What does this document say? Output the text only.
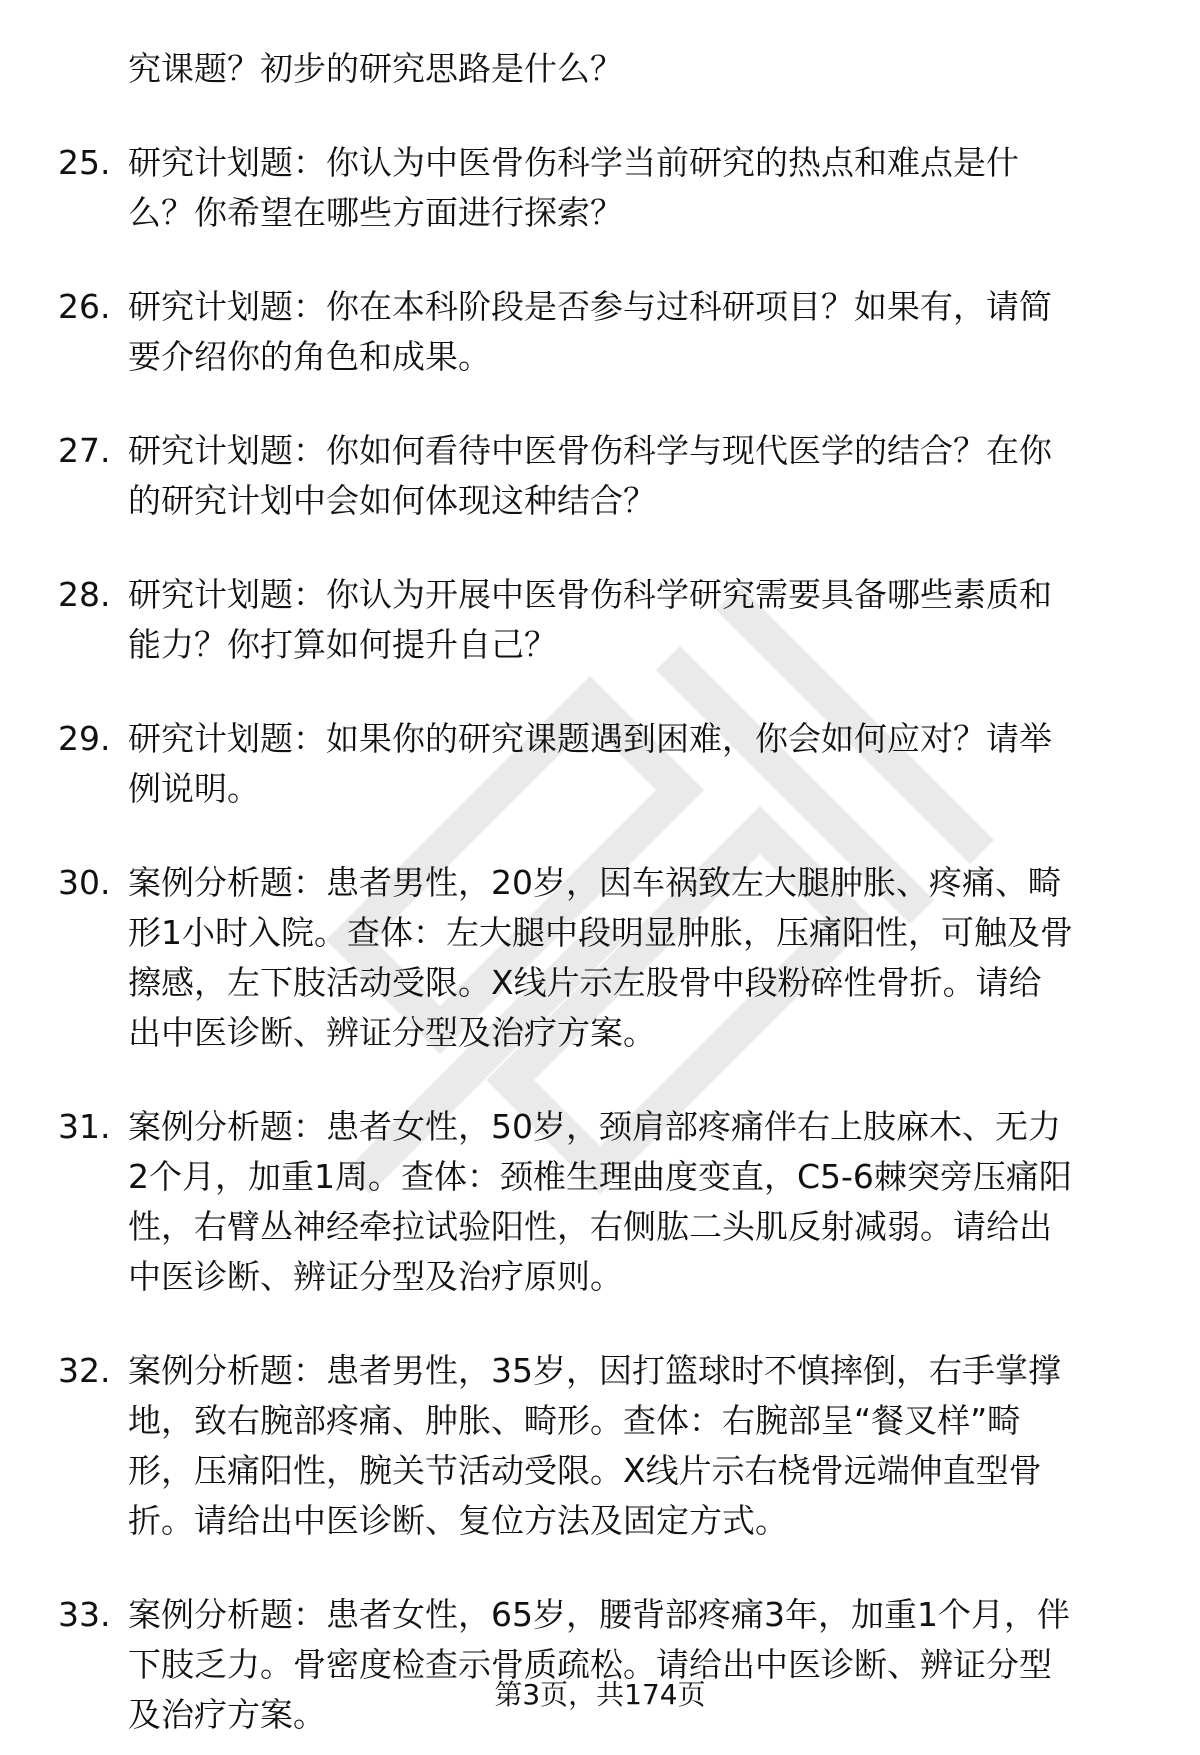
究课题？初步的研究思路是什么？
25. 研究计划题：你认为中医骨伤科学当前研究的热点和难点是什
么？你希望在哪些方面进行探索？
26. 研究计划题：你在本科阶段是否参与过科研项目？如果有，请简
要介绍你的角色和成果。
27. 研究计划题：你如何看待中医骨伤科学与现代医学的结合？在你
的研究计划中会如何体现这种结合？
28. 研究计划题：你认为开展中医骨伤科学研究需要具备哪些素质和
能力？你打算如何提升自己？
29. 研究计划题：如果你的研究课题遇到困难，你会如何应对？请举
例说明。
30. 案例分析题：患者男性，20岁，因车祸致左大腿肿胀、疼痛、畸
形1小时入院。查体：左大腿中段明显肿胀，压痛阳性，可触及骨
擦感，左下肢活动受限。X线片示左股骨中段粉碎性骨折。请给
出中医诊断、辨证分型及治疗方案。
31. 案例分析题：患者女性，50岁，颈肩部疼痛伴右上肢麻木、无力
2个月，加重1周。查体：颈椎生理曲度变直，C5-6棘突旁压痛阳
性，右臂丛神经牵拉试验阳性，右侧肱二头肌反射减弱。请给出
中医诊断、辨证分型及治疗原则。
32. 案例分析题：患者男性，35岁，因打篮球时不慎摔倒，右手掌撑
地，致右腕部疼痛、肿胀、畸形。查体：右腕部呈“餐叉样”畸
形，压痛阳性，腕关节活动受限。X线片示右桡骨远端伸直型骨
折。请给出中医诊断、复位方法及固定方式。
33. 案例分析题：患者女性，65岁，腰背部疼痛3年，加重1个月，伴
下肢乏力。骨密度检查示骨质疏松。请给出中医诊断、辨证分型
及治疗方案。
第3页，共174页
